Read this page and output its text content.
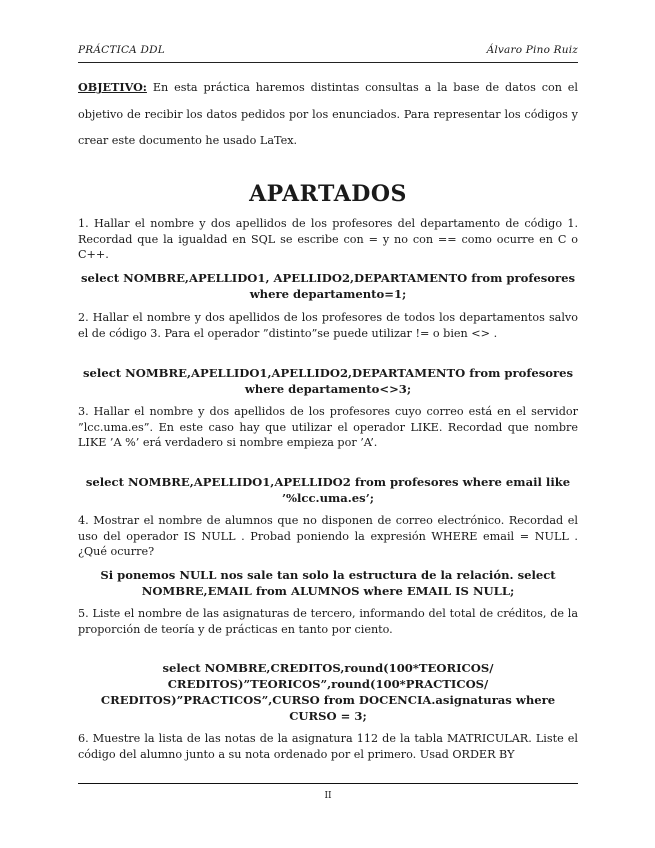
PRÁCTICA DDL	Álvaro Pino Ruiz

OBJETIVO: En esta práctica haremos distintas consultas a la base de datos con el objetivo de recibir los datos pedidos por los enunciados. Para representar los códigos y crear este documento he usado LaTex.

APARTADOS
1. Hallar el nombre y dos apellidos de los profesores del departamento de código 1. Recordad que la igualdad en SQL se escribe con = y no con == como ocurre en C o C++.
select NOMBRE,APELLIDO1, APELLIDO2,DEPARTAMENTO from profesores where departamento=1;
2. Hallar el nombre y dos apellidos de los profesores de todos los departamentos salvo el de código 3. Para el operador ”distinto”se puede utilizar != o bien <> .
select NOMBRE,APELLIDO1,APELLIDO2,DEPARTAMENTO from profesores where departamento<>3;
3. Hallar el nombre y dos apellidos de los profesores cuyo correo está en el servidor ”lcc.uma.es”. En este caso hay que utilizar el operador LIKE. Recordad que nombre LIKE ’A %’ erá verdadero si nombre empieza por ’A’.
select NOMBRE,APELLIDO1,APELLIDO2 from profesores where email like ’%lcc.uma.es’;
4. Mostrar el nombre de alumnos que no disponen de correo electrónico. Recordad el uso del operador IS NULL . Probad poniendo la expresión WHERE email = NULL . ¿Qué ocurre?
Si ponemos NULL nos sale tan solo la estructura de la relación. select NOMBRE,EMAIL from ALUMNOS where EMAIL IS NULL;
5. Liste el nombre de las asignaturas de tercero, informando del total de créditos, de la proporción de teoría y de prácticas en tanto por ciento.
select NOMBRE,CREDITOS,round(100*TEORICOS/ CREDITOS)”TEORICOS”,round(100*PRACTICOS/ CREDITOS)”PRACTICOS”,CURSO from DOCENCIA.asignaturas where CURSO = 3;
6. Muestre la lista de las notas de la asignatura 112 de la tabla MATRICULAR. Liste el código del alumno junto a su nota ordenado por el primero. Usad ORDER BY
II
